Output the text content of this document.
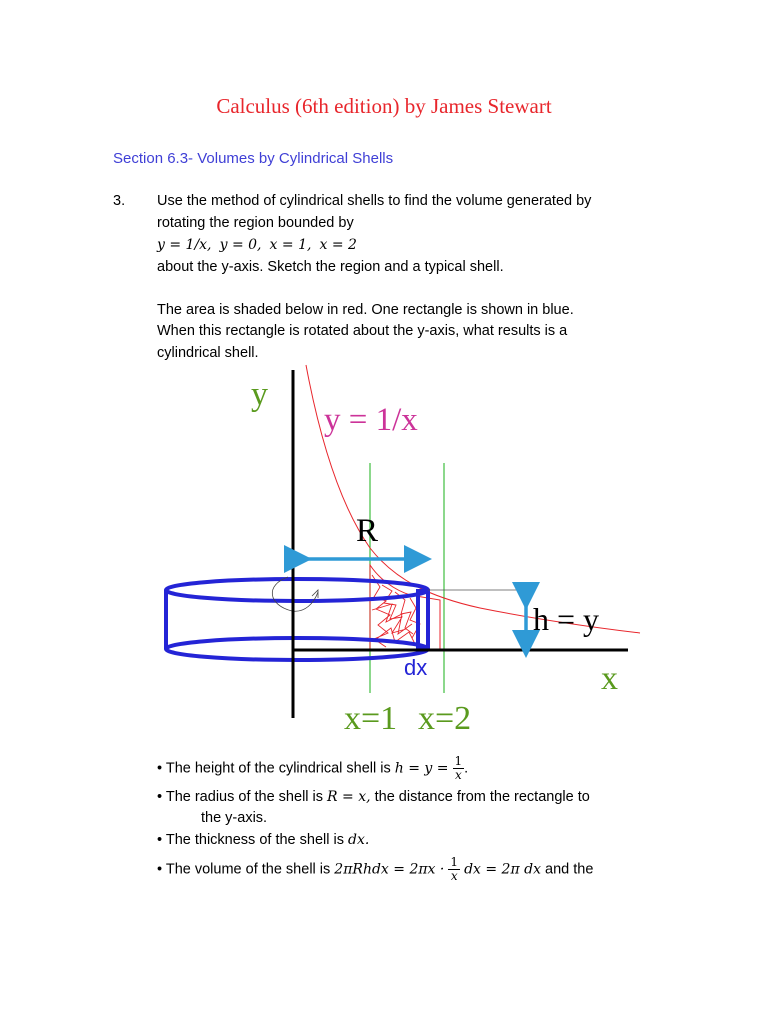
Calculus (6th edition) by James Stewart
Section 6.3- Volumes by Cylindrical Shells
3. Use the method of cylindrical shells to find the volume generated by
rotating the region bounded by
y = 1/x, y = 0, x = 1, x = 2
about the y-axis. Sketch the region and a typical shell.
The area is shaded below in red. One rectangle is shown in blue.
When this rectangle is rotated about the y-axis, what results is a
cylindrical shell.
y
y = 1/x
R
h = y
dx	x
x=1 x=2
• The height of the cylindrical shell is $h = y = \frac{1}{x}$ .
• The radius of the shell is R = x, the distance from the rectangle to
the y-axis.
• The thickness of the shell is dx.
• The volume of the shell is 2πRhdx = $2\pi x \cdot \frac{1}{x}$ dx = 2π dx and the
